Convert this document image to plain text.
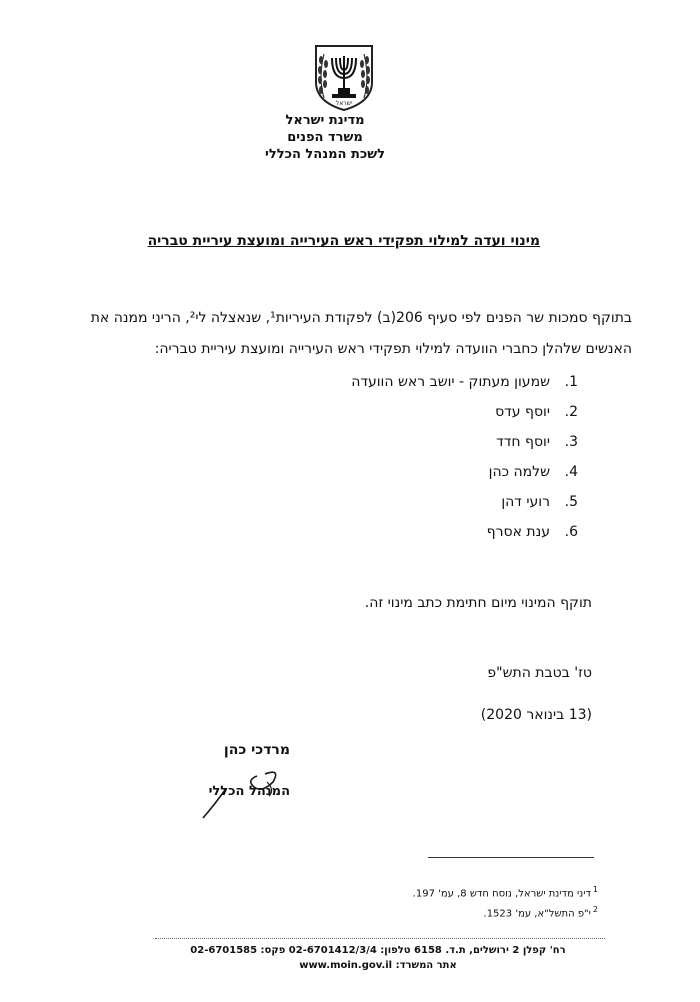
ישראל
מדינת ישראל
משרד הפנים
לשכת המנהל הכללי
מינוי ועדה למילוי תפקידי ראש העירייה ומועצת עיריית טבריה
בתוקף סמכות שר הפנים לפי סעיף 206(ב) לפקודת העיריות¹, שנאצלה לי², הריני ממנה את
האנשים שלהלן כחברי הוועדה למילוי תפקידי ראש העירייה ומועצת עיריית טבריה:
1.שמעון מעתוק - יושב ראש הוועדה
2.יוסף עדס
3.יוסף חדד
4.שלמה כהן
5.רועי דהן
6.ענת אסרף
תוקף המינוי מיום חתימת כתב מינוי זה.
טז' בטבת התש"פ
(13 בינואר 2020)
מרדכי כהן
המנהל הכללי
$^1$דיני מדינת ישראל, נוסח חדש 8, עמ' 197.
$^2$י"פ התשל"א, עמ' 1523.
רח' קפלן 2 ירושלים, ת.ד. 6158 טלפון: 02-6701412/3/4 פקס: 02-6701585
אתר המשרד: www.moin.gov.il
